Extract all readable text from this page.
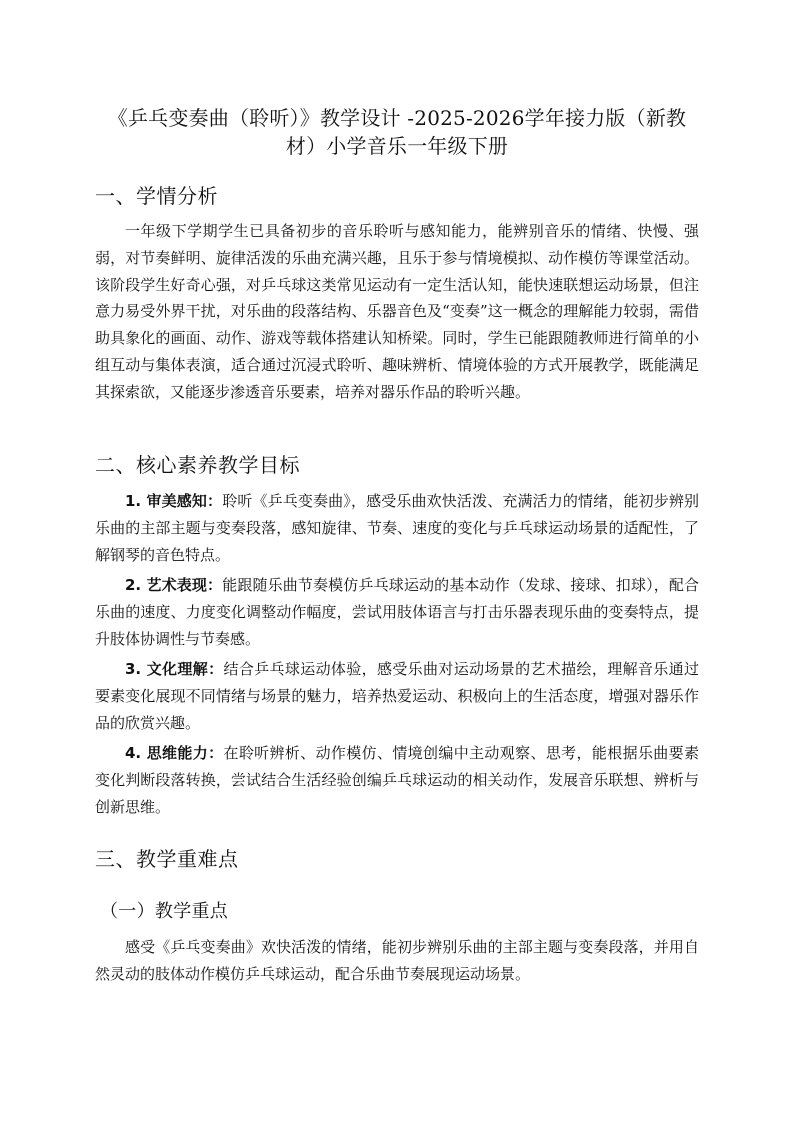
《乒乓变奏曲（聆听）》教学设计 -2025-2026学年接力版（新教材）小学音乐一年级下册
一、学情分析

一年级下学期学生已具备初步的音乐聆听与感知能力，能辨别音乐的情绪、快慢、强弱，对节奏鲜明、旋律活泼的乐曲充满兴趣，且乐于参与情境模拟、动作模仿等课堂活动。该阶段学生好奇心强，对乒乓球这类常见运动有一定生活认知，能快速联想运动场景，但注意力易受外界干扰，对乐曲的段落结构、乐器音色及“变奏”这一概念的理解能力较弱，需借助具象化的画面、动作、游戏等载体搭建认知桥梁。同时，学生已能跟随教师进行简单的小组互动与集体表演，适合通过沉浸式聆听、趣味辨析、情境体验的方式开展教学，既能满足其探索欲，又能逐步渗透音乐要素，培养对器乐作品的聆听兴趣。

二、核心素养教学目标

1. 审美感知：聆听《乒乓变奏曲》，感受乐曲欢快活泼、充满活力的情绪，能初步辨别乐曲的主部主题与变奏段落，感知旋律、节奏、速度的变化与乒乓球运动场景的适配性，了解钢琴的音色特点。

2. 艺术表现：能跟随乐曲节奏模仿乒乓球运动的基本动作（发球、接球、扣球），配合乐曲的速度、力度变化调整动作幅度，尝试用肢体语言与打击乐器表现乐曲的变奏特点，提升肢体协调性与节奏感。

3. 文化理解：结合乒乓球运动体验，感受乐曲对运动场景的艺术描绘，理解音乐通过要素变化展现不同情绪与场景的魅力，培养热爱运动、积极向上的生活态度，增强对器乐作品的欣赏兴趣。

4. 思维能力：在聆听辨析、动作模仿、情境创编中主动观察、思考，能根据乐曲要素变化判断段落转换，尝试结合生活经验创编乒乓球运动的相关动作，发展音乐联想、辨析与创新思维。

三、教学重难点
（一）教学重点

感受《乒乓变奏曲》欢快活泼的情绪，能初步辨别乐曲的主部主题与变奏段落，并用自然灵动的肢体动作模仿乒乓球运动，配合乐曲节奏展现运动场景。
